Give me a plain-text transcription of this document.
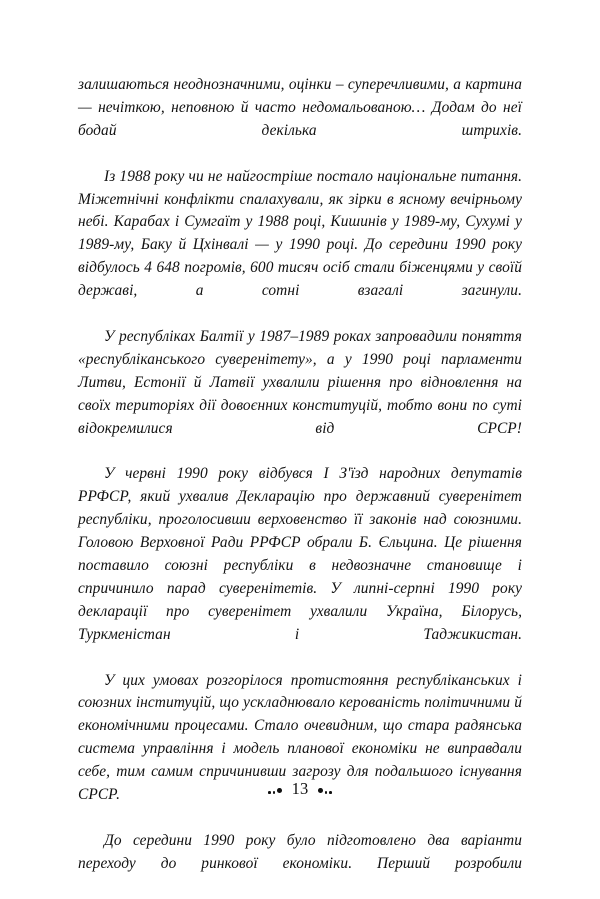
залишаються неоднозначними, оцінки – суперечливими, а картина — нечіткою, неповною й часто недомальованою… Додам до неї бодай декілька штрихів.

Із 1988 року чи не найгостріше постало національне питання. Міжетнічні конфлікти спалахували, як зірки в ясному вечірньому небі. Карабах і Сумгаїт у 1988 році, Кишинів у 1989-му, Сухумі у 1989-му, Баку й Цхінвалі — у 1990 році. До середини 1990 року відбулось 4 648 погромів, 600 тисяч осіб стали біженцями у своїй державі, а сотні взагалі загинули.

У республіках Балтії у 1987–1989 роках запровадили поняття «республіканського суверенітету», а у 1990 році парламенти Литви, Естонії й Латвії ухвалили рішення про відновлення на своїх територіях дії довоєнних конституцій, тобто вони по суті відокремилися від СРСР!

У червні 1990 року відбувся І З'їзд народних депутатів РРФСР, який ухвалив Декларацію про державний суверенітет республіки, проголосивши верховенство її законів над союзними. Головою Верховної Ради РРФСР обрали Б. Єльцина. Це рішення поставило союзні республіки в недвозначне становище і спричинило парад суверенітетів. У липні-серпні 1990 року декларації про суверенітет ухвалили Україна, Білорусь, Туркменістан і Таджикистан.

У цих умовах розгорілося протистояння республіканських і союзних інституцій, що ускладнювало керованість політичними й економічними процесами. Стало очевидним, що стара радянська система управління і модель планової економіки не виправдали себе, тим самим спричинивши загрозу для подальшого існування СРСР.

До середини 1990 року було підготовлено два варіанти переходу до ринкової економіки. Перший розробили

13
